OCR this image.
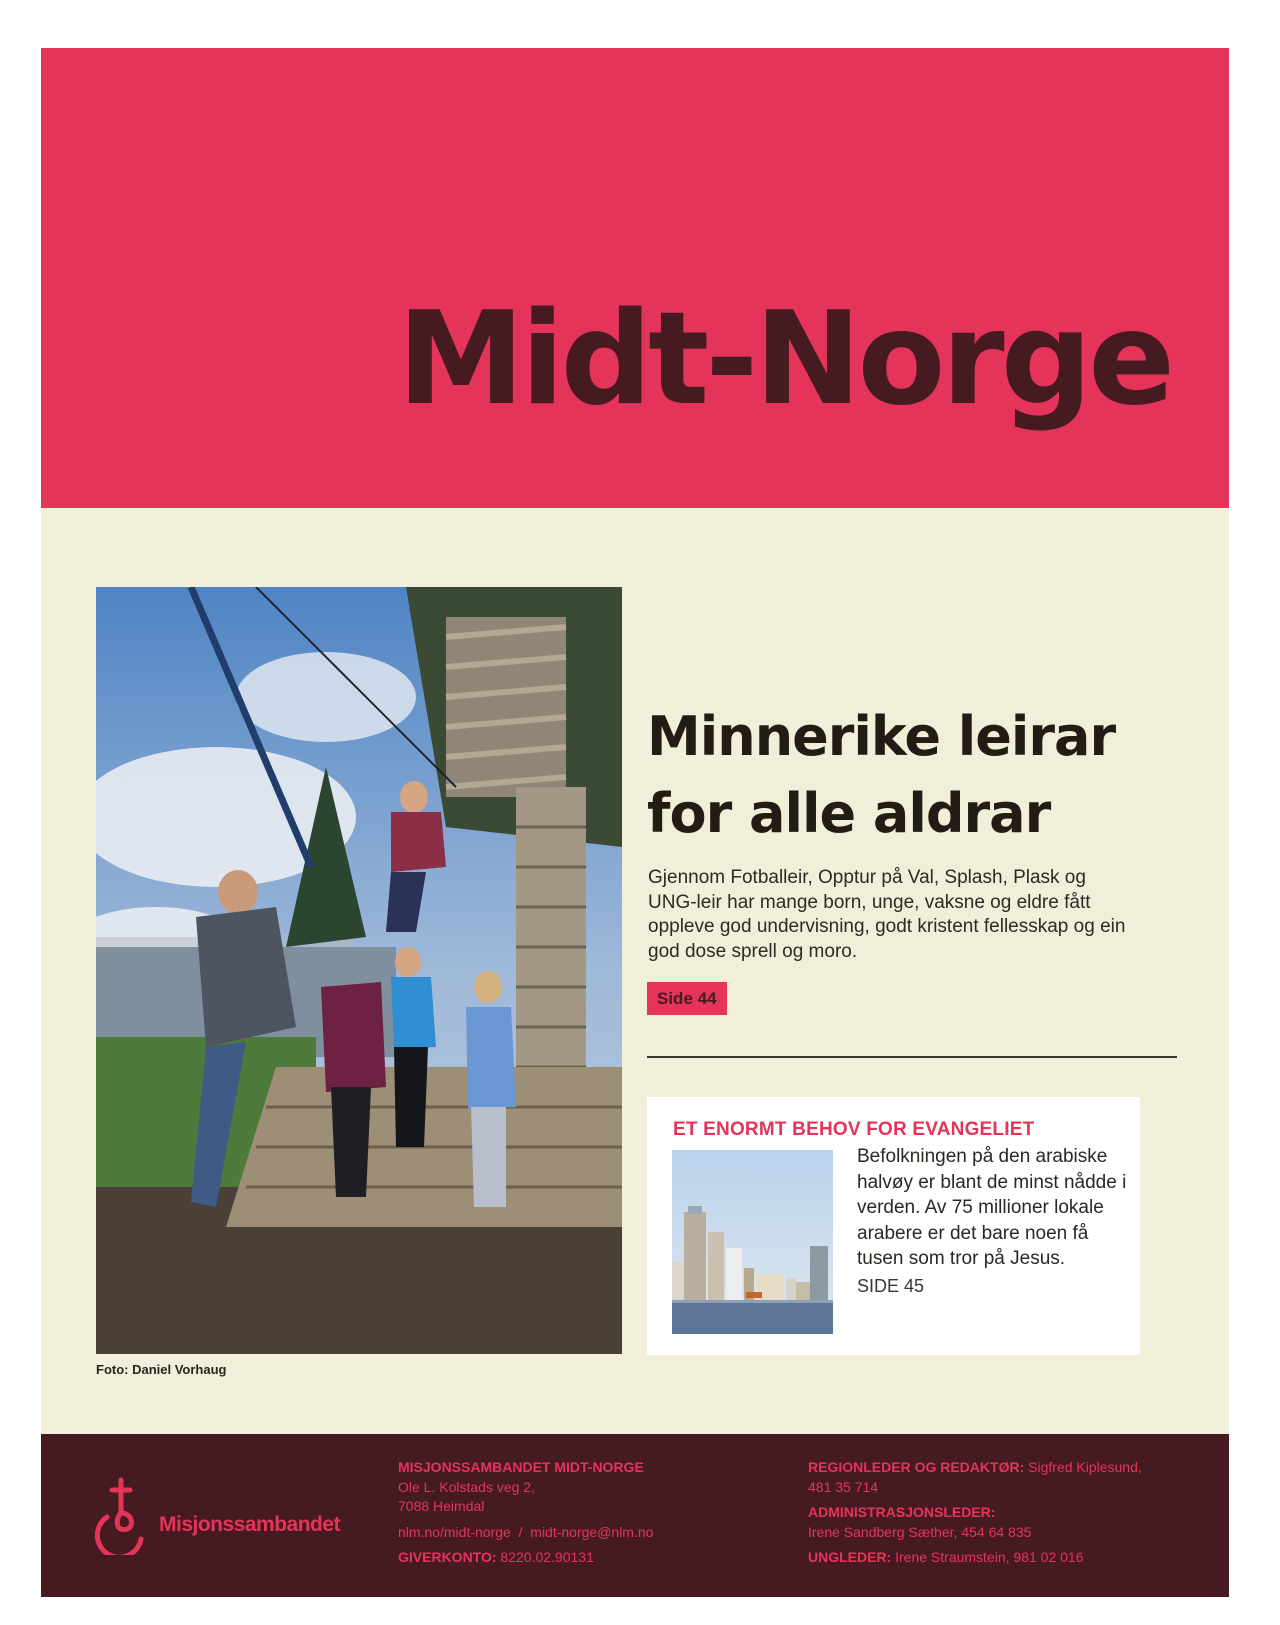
Midt-Norge
Foto: Daniel Vorhaug
Minnerike leirar
for alle aldrar

Gjennom Fotballeir, Opptur på Val, Splash, Plask og UNG-leir har mange born, unge, vaksne og eldre fått oppleve god undervisning, godt kristent fellesskap og ein god dose sprell og moro.

Side 44
ET ENORMT BEHOV FOR EVANGELIET
Befolkningen på den arabiske halvøy er blant de minst nådde i verden. Av 75 millioner lokale arabere er det bare noen få tusen som tror på Jesus.
SIDE 45
Misjonssambandet
MISJONSSAMBANDET MIDT-NORGE
Ole L. Kolstads veg 2,
7088 Heimdal
nlm.no/midt-norge / midt-norge@nlm.no
GIVERKONTO: 8220.02.90131
REGIONLEDER OG REDAKTØR: Sigfred Kiplesund,
481 35 714
ADMINISTRASJONSLEDER:
Irene Sandberg Sæther, 454 64 835
UNGLEDER: Irene Straumstein, 981 02 016
